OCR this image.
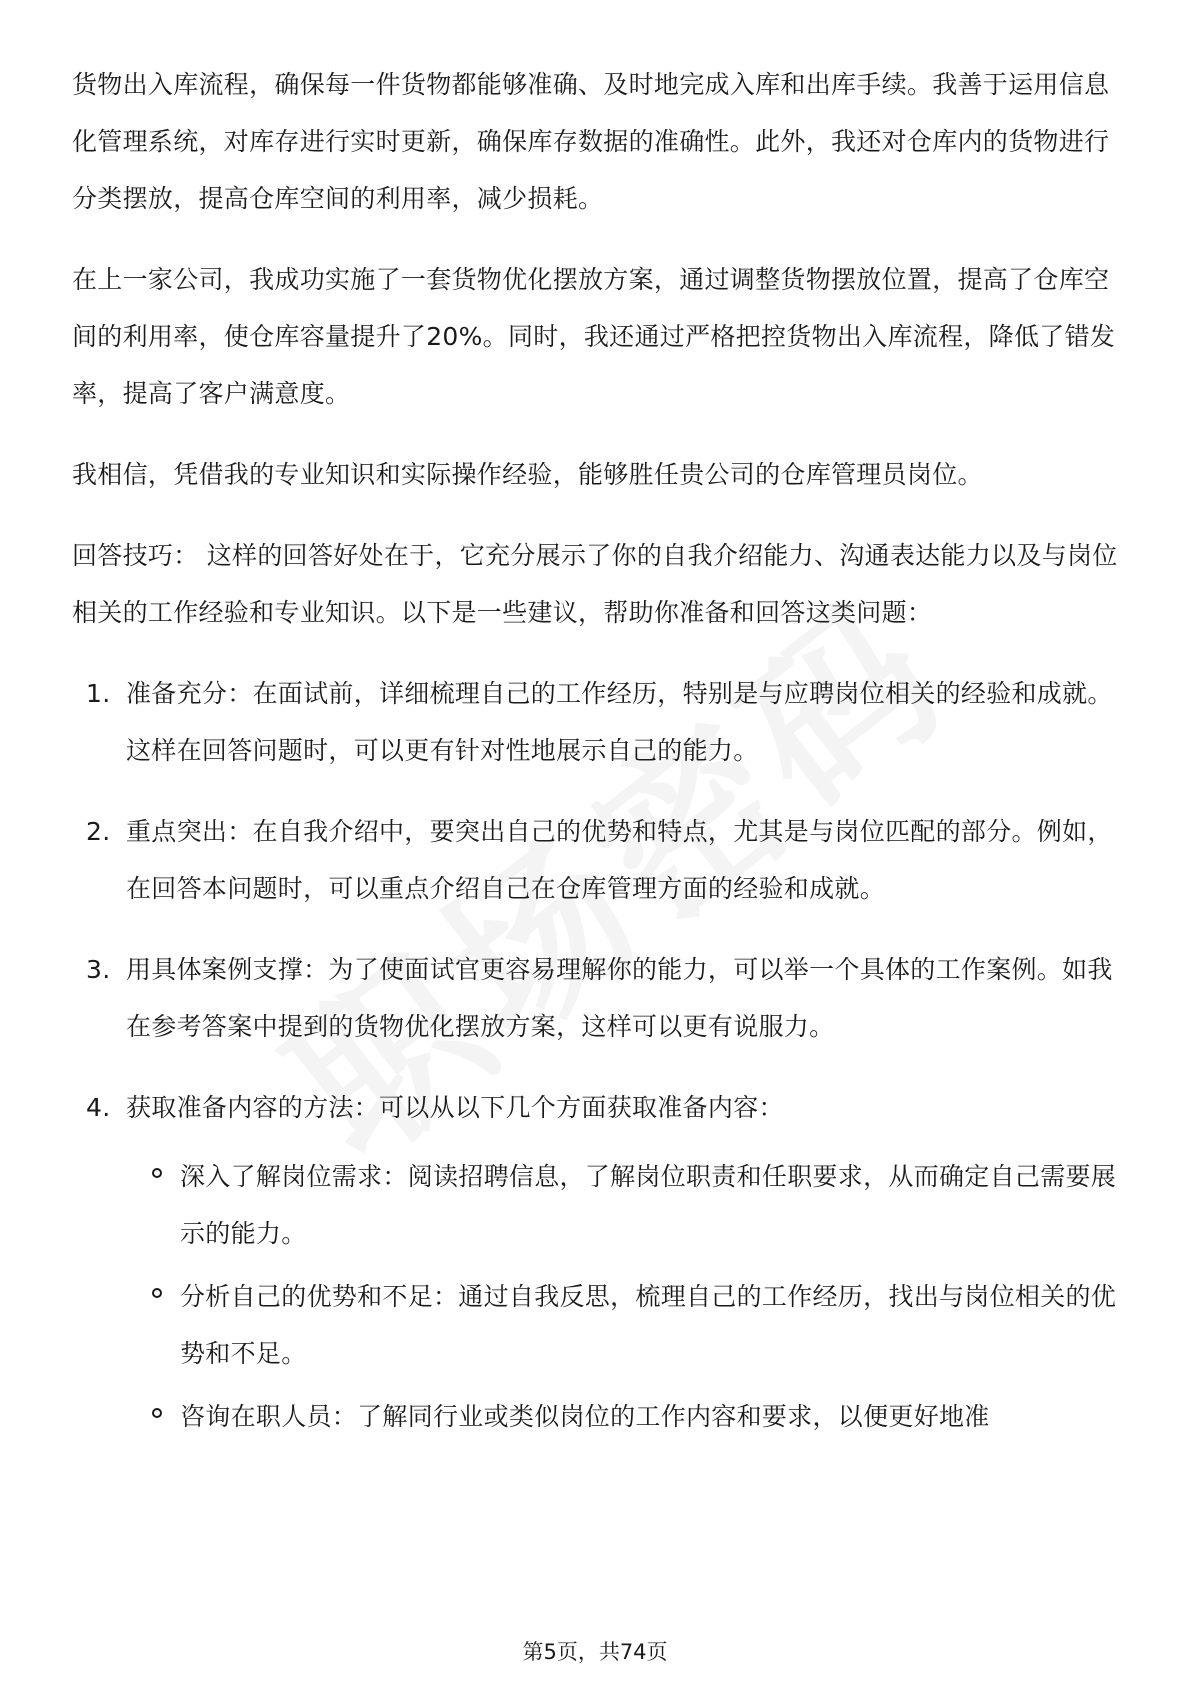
货物出入库流程，确保每一件货物都能够准确、及时地完成入库和出库手续。我善于运用信息化管理系统，对库存进行实时更新，确保库存数据的准确性。此外，我还对仓库内的货物进行分类摆放，提高仓库空间的利用率，减少损耗。

在上一家公司，我成功实施了一套货物优化摆放方案，通过调整货物摆放位置，提高了仓库空间的利用率，使仓库容量提升了20%。同时，我还通过严格把控货物出入库流程，降低了错发率，提高了客户满意度。

我相信，凭借我的专业知识和实际操作经验，能够胜任贵公司的仓库管理员岗位。

回答技巧： 这样的回答好处在于，它充分展示了你的自我介绍能力、沟通表达能力以及与岗位相关的工作经验和专业知识。以下是一些建议，帮助你准备和回答这类问题：

1. 准备充分：在面试前，详细梳理自己的工作经历，特别是与应聘岗位相关的经验和成就。这样在回答问题时，可以更有针对性地展示自己的能力。
2. 重点突出：在自我介绍中，要突出自己的优势和特点，尤其是与岗位匹配的部分。例如，在回答本问题时，可以重点介绍自己在仓库管理方面的经验和成就。
3. 用具体案例支撑：为了使面试官更容易理解你的能力，可以举一个具体的工作案例。如我在参考答案中提到的货物优化摆放方案，这样可以更有说服力。
4. 获取准备内容的方法：可以从以下几个方面获取准备内容：
深入了解岗位需求：阅读招聘信息，了解岗位职责和任职要求，从而确定自己需要展示的能力。
分析自己的优势和不足：通过自我反思，梳理自己的工作经历，找出与岗位相关的优势和不足。
咨询在职人员：了解同行业或类似岗位的工作内容和要求，以便更好地准
第5页，共74页
